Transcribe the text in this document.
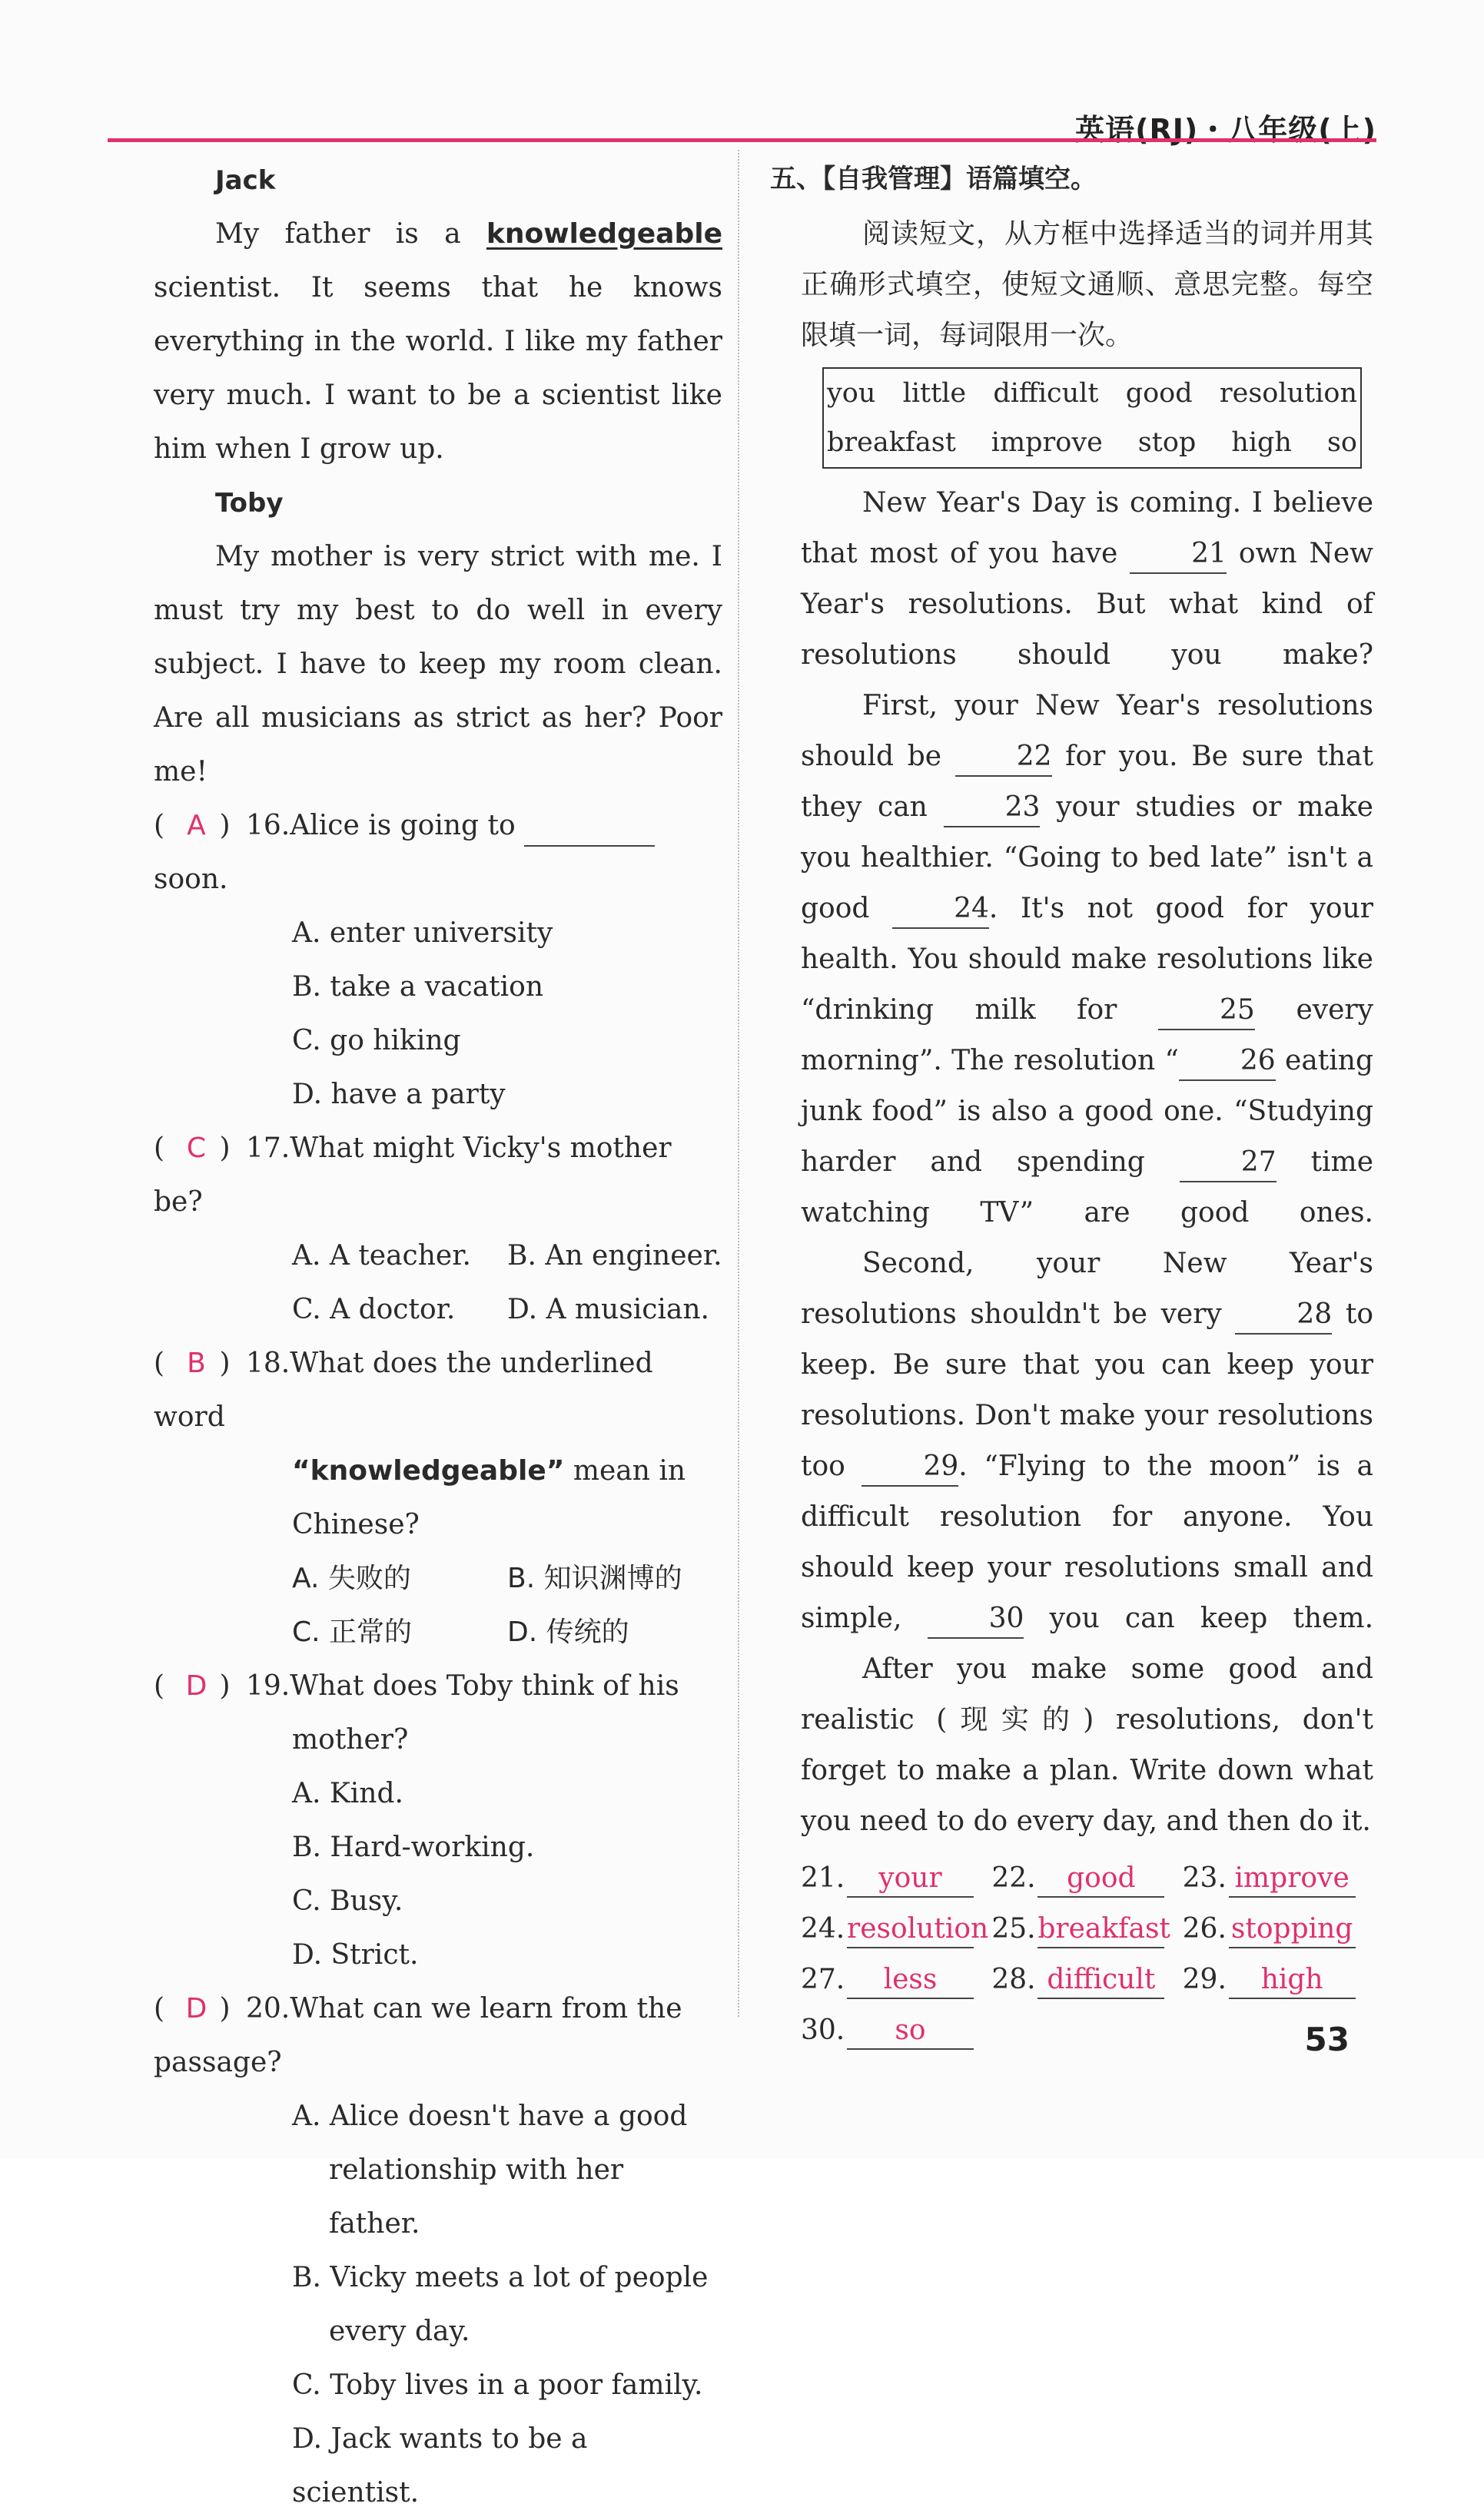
英语(RJ)・八年级(上)

Jack

My father is a knowledgeable scientist. It seems that he knows everything in the world. I like my father very much. I want to be a scientist like him when I grow up.

Toby

My mother is very strict with me. I must try my best to do well in every subject. I have to keep my room clean. Are all musicians as strict as her? Poor me!

( A ) 16.Alice is going to   soon.

A. enter university

B. take a vacation

C. go hiking

D. have a party

( C ) 17.What might Vicky's mother be?
A. A teacher.	B. An engineer.
C. A doctor.	D. A musician.
( B ) 18.What does the underlined word

“knowledgeable” mean in Chinese?

A. 失败的	B. 知识渊博的
C. 正常的	D. 传统的
( D ) 19.What does Toby think of his

mother?

A. Kind.

B. Hard-working.

C. Busy.

D. Strict.

( D ) 20.What can we learn from the passage?

A. Alice doesn't have a good

relationship with her father.

B. Vicky meets a lot of people

every day.

C. Toby lives in a poor family.

D. Jack wants to be a scientist.

五、【自我管理】语篇填空。

阅读短文，从方框中选择适当的词并用其正确形式填空，使短文通顺、意思完整。每空限填一词，每词限用一次。

you little difficult good resolution
breakfast improve stop high so

New Year's Day is coming. I believe that most of you have	21 own New Year's resolutions. But what kind of resolutions should you make?

First, your New Year's resolutions should be	22 for you. Be sure that they can	23 your studies or make you healthier. “Going to bed late” isn't a good	24. It's not good for your health. You should make resolutions like “drinking milk for	25 every morning”. The resolution “ 26 eating junk food” is also a good one. “Studying harder and spending	27 time watching TV” are good ones.

Second, your New Year's resolutions shouldn't be very	28 to keep. Be sure that you can keep your resolutions. Don't make your resolutions too	29. “Flying to the moon” is a difficult resolution for anyone. You should keep your resolutions small and simple,	30 you can keep them.

After you make some good and realistic (现实的) resolutions, don't forget to make a plan. Write down what you need to do every day, and then do it.

21.	your	22.	good	23. improve
24. resolution 25. breakfast 26. stopping
27.	less	28. difficult 29.	high
30.	so	53
